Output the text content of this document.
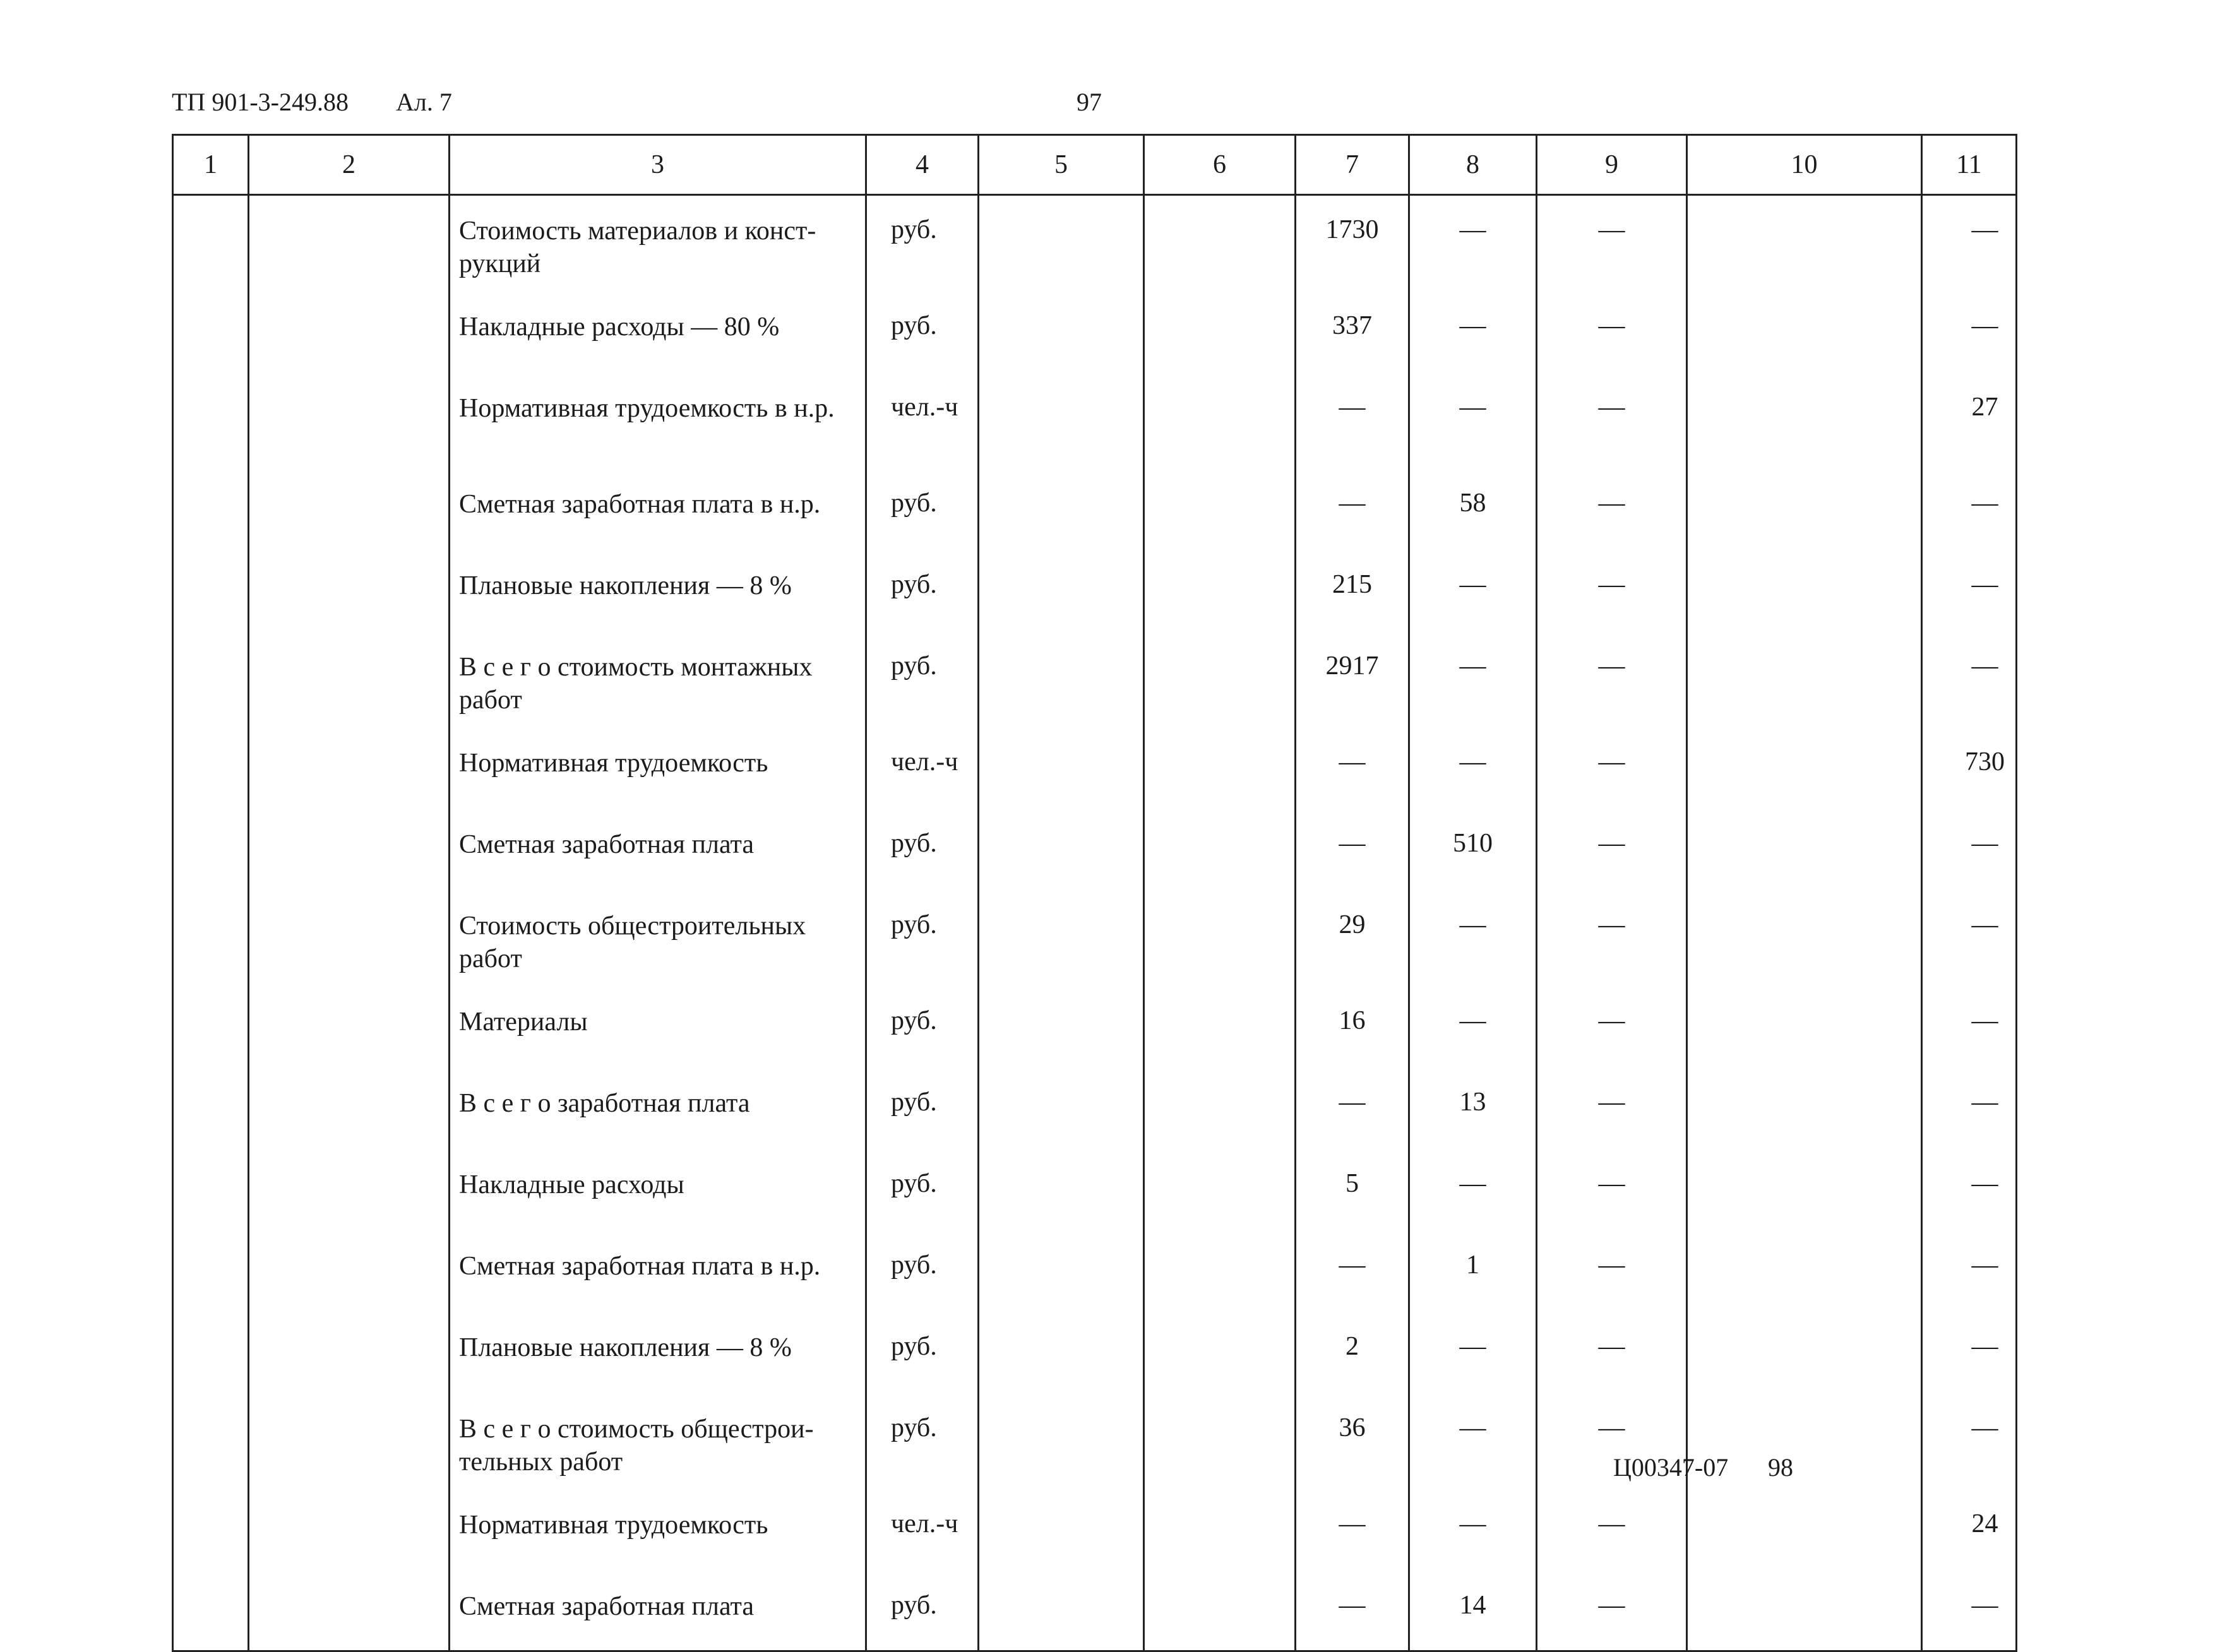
ТП 901-3-249.88 Ал. 7	97
1	2	3	4	5	6	7	8	9	10	11
		Стоимость материалов и конструкций	руб.			1730	—	—		—
		Накладные расходы — 80 %	руб.			337	—	—		—
		Нормативная трудоемкость в н.р.	чел.-ч			—	—	—		27
		Сметная заработная плата в н.р.	руб.			—	58	—		—
		Плановые накопления — 8 %	руб.			215	—	—		—
		В с е г о стоимость монтажных работ	руб.			2917	—	—		—
		Нормативная трудоемкость	чел.-ч			—	—	—		730
		Сметная заработная плата	руб.			—	510	—		—
		Стоимость общестроительных работ	руб.			29	—	—		—
		Материалы	руб.			16	—	—		—
		В с е г о заработная плата	руб.			—	13	—		—
		Накладные расходы	руб.			5	—	—		—
		Сметная заработная плата в н.р.	руб.			—	1	—		—
		Плановые накопления — 8 %	руб.			2	—	—		—
		В с е г о стоимость общестроительных работ	руб.			36	—	—		—
		Нормативная трудоемкость	чел.-ч			—	—	—		24
		Сметная заработная плата	руб.			—	14	—		—
Ц00347-07 98
